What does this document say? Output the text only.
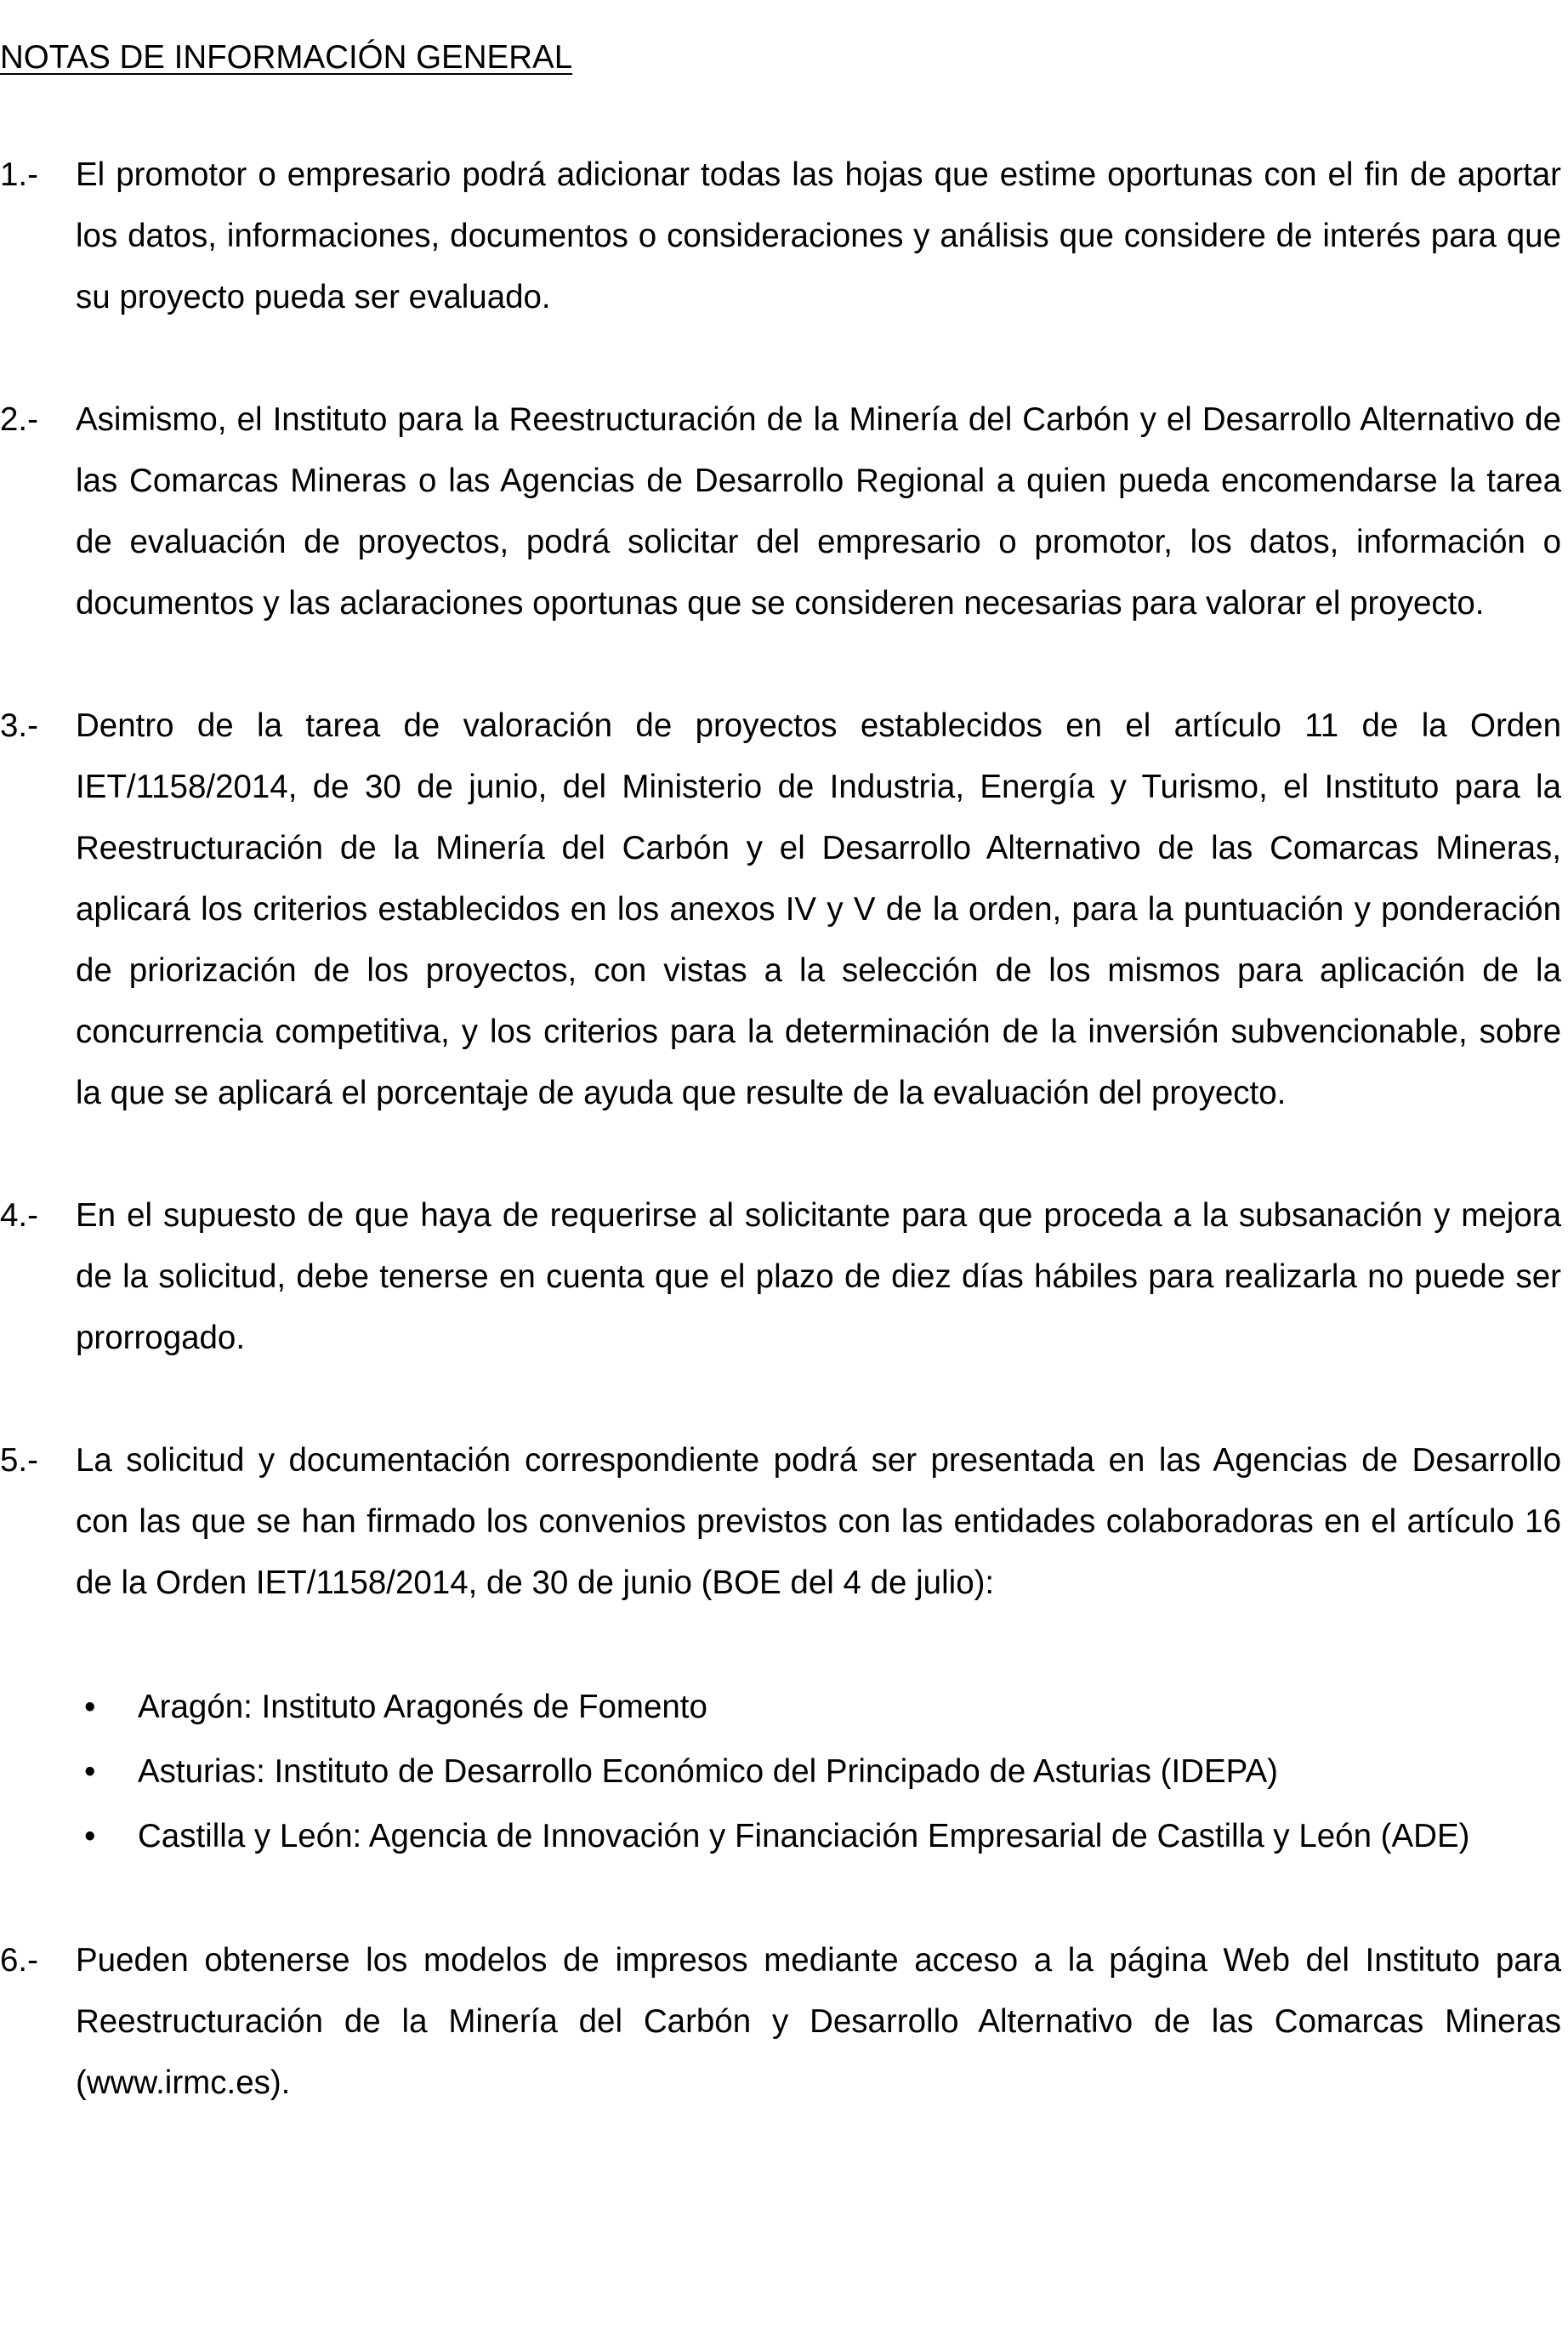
NOTAS DE INFORMACIÓN GENERAL
1.-	El promotor o empresario podrá adicionar todas las hojas que estime oportunas con el fin de aportar los datos, informaciones, documentos o consideraciones y análisis que considere de interés para que su proyecto pueda ser evaluado.
2.-	Asimismo, el Instituto para la Reestructuración de la Minería del Carbón y el Desarrollo Alternativo de las Comarcas Mineras o las Agencias de Desarrollo Regional a quien pueda encomendarse la tarea de evaluación de proyectos, podrá solicitar del empresario o promotor, los datos, información o documentos y las aclaraciones oportunas que se consideren necesarias para valorar el proyecto.
3.-	Dentro de la tarea de valoración de proyectos establecidos en el artículo 11 de la Orden IET/1158/2014, de 30 de junio, del Ministerio de Industria, Energía y Turismo, el Instituto para la Reestructuración de la Minería del Carbón y el Desarrollo Alternativo de las Comarcas Mineras, aplicará los criterios establecidos en los anexos IV y V de la orden, para la puntuación y ponderación de priorización de los proyectos, con vistas a la selección de los mismos para aplicación de la concurrencia competitiva, y los criterios para la determinación de la inversión subvencionable, sobre la que se aplicará el porcentaje de ayuda que resulte de la evaluación del proyecto.
4.-	En el supuesto de que haya de requerirse al solicitante para que proceda a la subsanación y mejora de la solicitud, debe tenerse en cuenta que el plazo de diez días hábiles para realizarla no puede ser prorrogado.
5.-	La solicitud y documentación correspondiente podrá ser presentada en las Agencias de Desarrollo con las que se han firmado los convenios previstos con las entidades colaboradoras en el artículo 16 de la Orden IET/1158/2014, de 30 de junio (BOE del 4 de julio):
•	Aragón: Instituto Aragonés de Fomento
•	Asturias: Instituto de Desarrollo Económico del Principado de Asturias (IDEPA)
•	Castilla y León: Agencia de Innovación y Financiación Empresarial de Castilla y León (ADE)
6.-	Pueden obtenerse los modelos de impresos mediante acceso a la página Web del Instituto para Reestructuración de la Minería del Carbón y Desarrollo Alternativo de las Comarcas Mineras (www.irmc.es).
